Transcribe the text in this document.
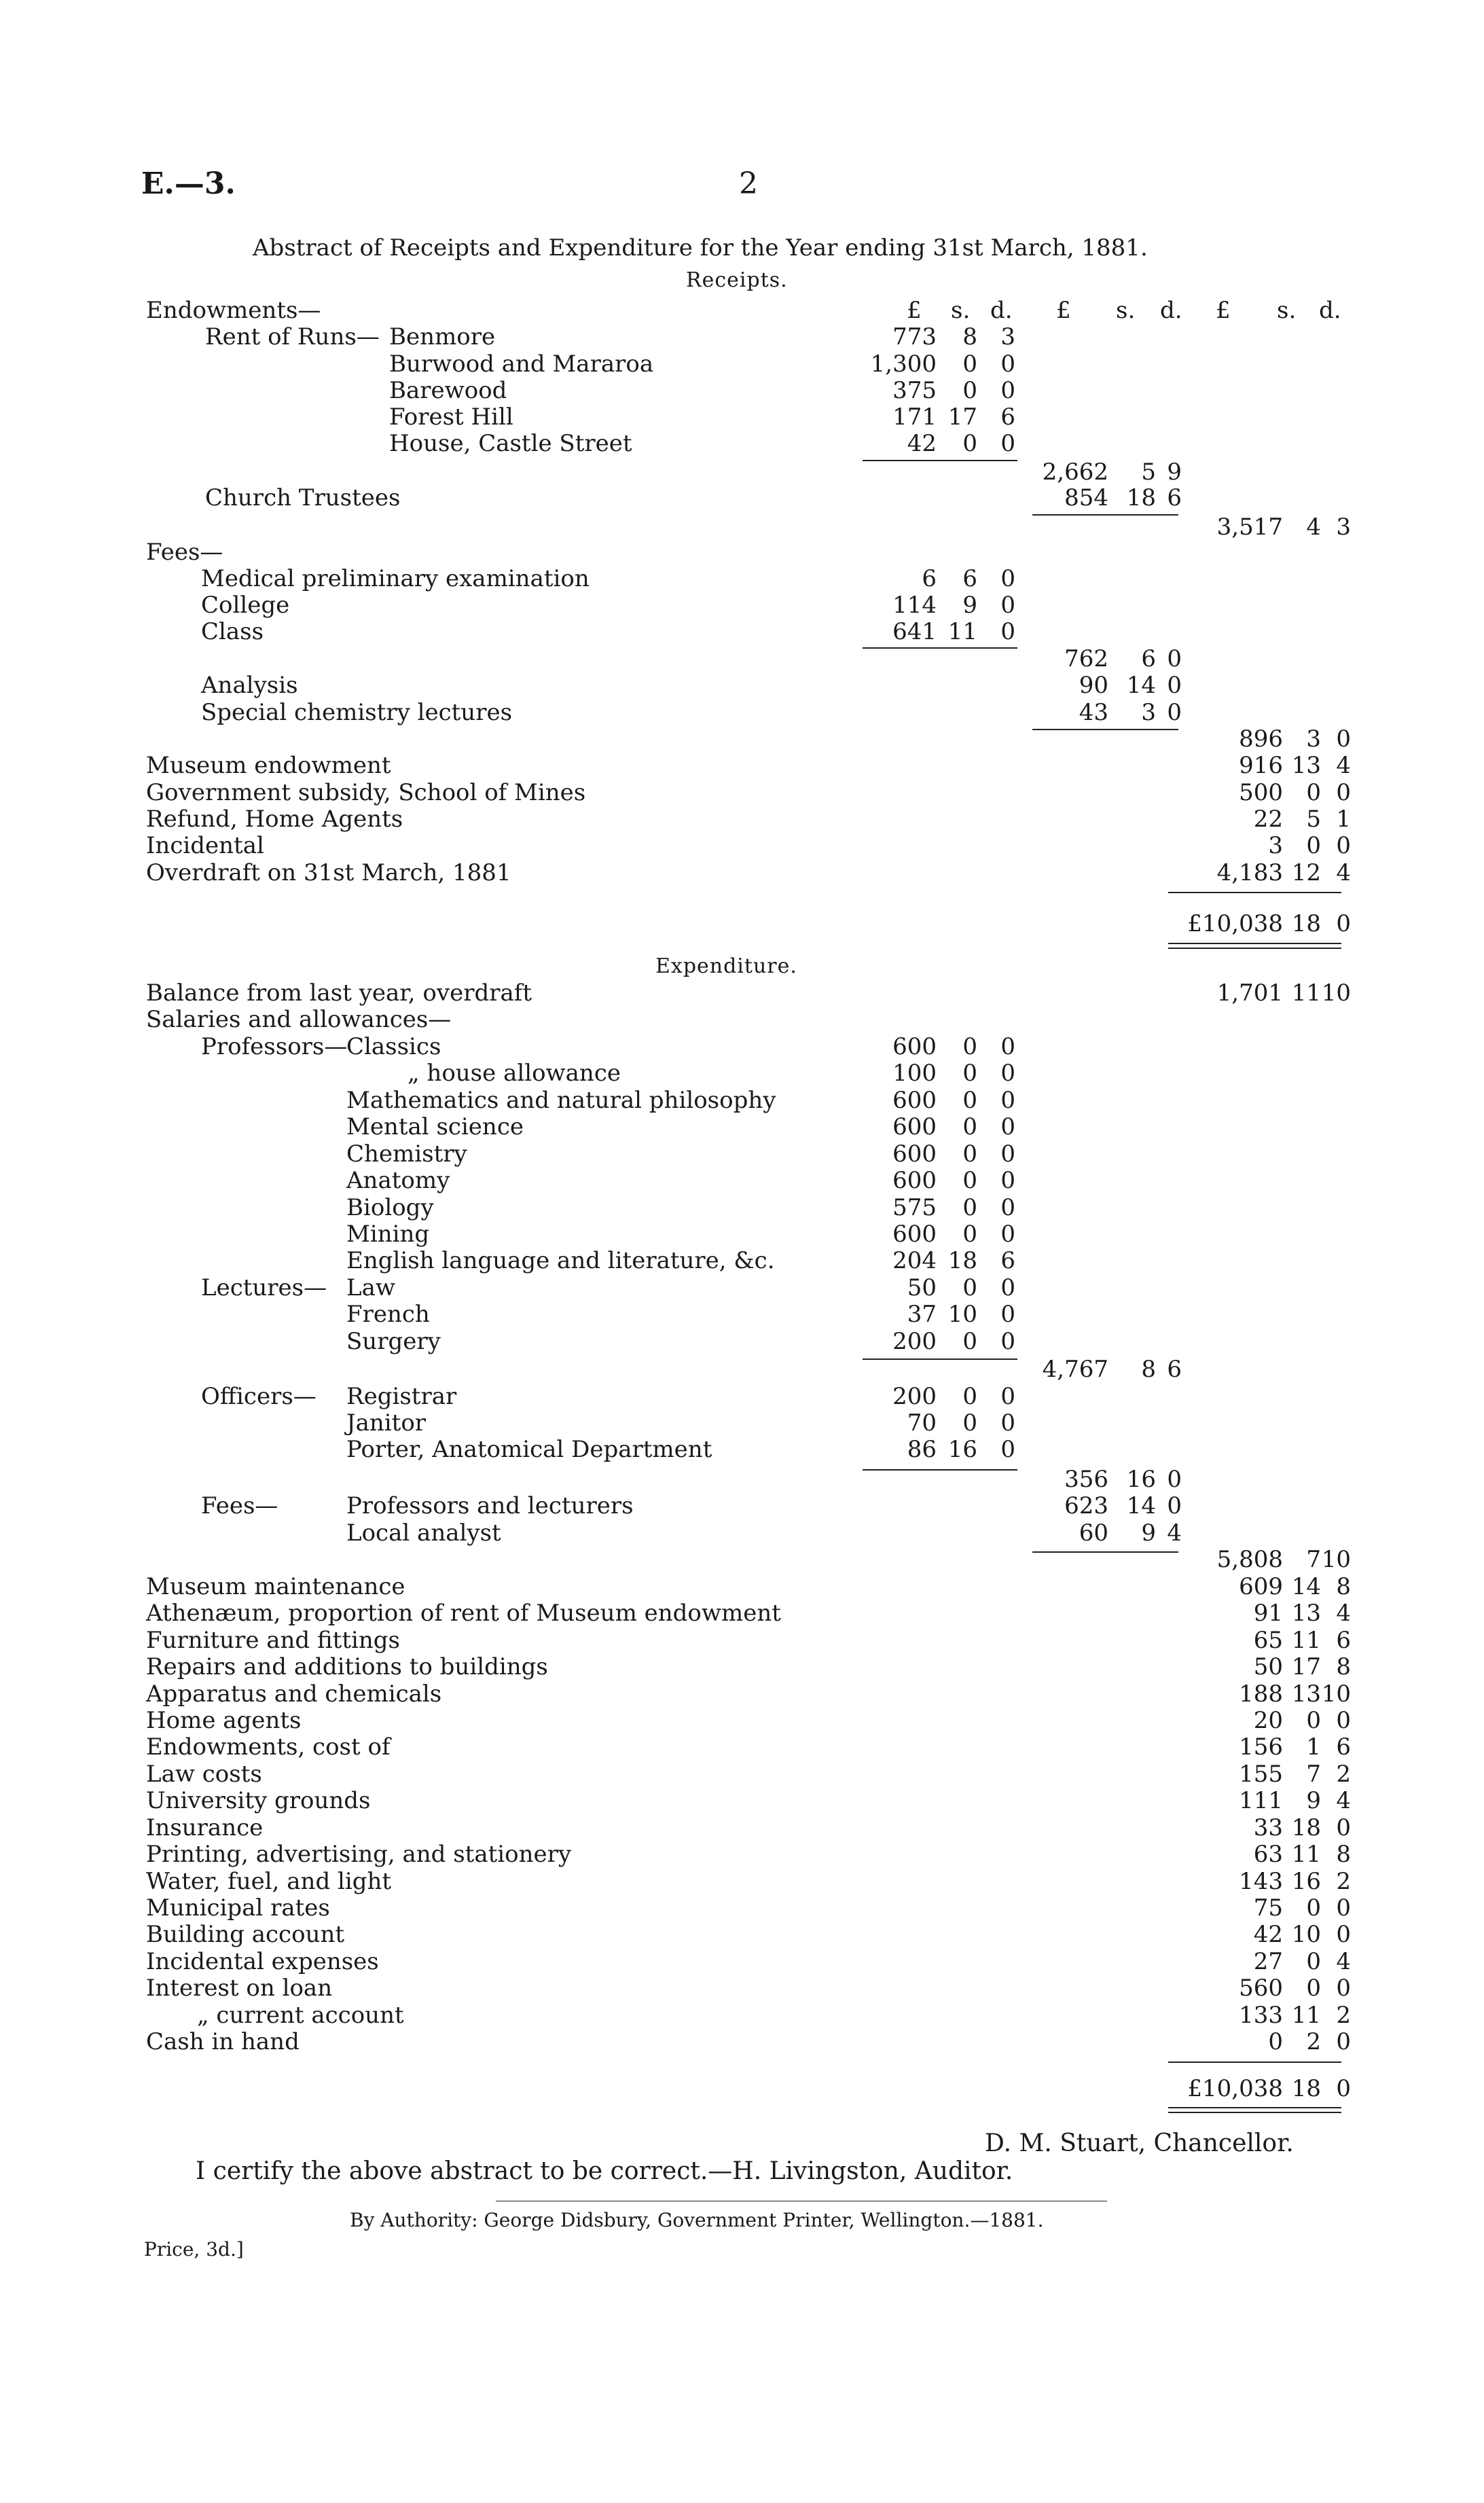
E.—3.	2
Abstract of Receipts and Expenditure for the Year ending 31st March, 1881.
Receipts.
£ s. d. £ s. d. £ s. d.
Endowments—
Rent of Runs— Benmore	773 8 3
Burwood and Mararoa	1,300 0 0
Barewood	375 0 0
Forest Hill	171 17 6
House, Castle Street	42 0 0
2,662 5 9
Church Trustees	854 18 6
3,517 4 3
Fees—
Medical preliminary examination	6 6 0
College	114 9 0
Class	641 11 0
762 6 0
Analysis	90 14 0
Special chemistry lectures	43 3 0
896 3 0
Museum endowment	916 13 4
Government subsidy, School of Mines	500 0 0
Refund, Home Agents	22 5 1
Incidental	3 0 0
Overdraft on 31st March, 1881	4,183 12 4
£10,038 18 0
Expenditure.
Balance from last year, overdraft	1,701 11 10
Salaries and allowances—
Professors—
Classics	600 0 0
„ house allowance	100 0 0
Mathematics and natural philosophy	600 0 0
Mental science	600 0 0
Chemistry	600 0 0
Anatomy	600 0 0
Biology	575 0 0
Mining	600 0 0
English language and literature, &c.	204 18 6
Lectures— Law	50 0 0
French	37 10 0
Surgery	200 0 0
4,767 8 6
Officers— Registrar	200 0 0
Janitor	70 0 0
Porter, Anatomical Department	86 16 0
356 16 0
Fees—	Professors and lecturers	623 14 0
Local analyst	60 9 4
5,808 7 10
Museum maintenance	609 14 8
Athenæum, proportion of rent of Museum endowment	91 13 4
Furniture and fittings	65 11 6
Repairs and additions to buildings	50 17 8
Apparatus and chemicals	188 13 10
Home agents	20 0 0
Endowments, cost of	156 1 6
Law costs	155 7 2
University grounds	111 9 4
Insurance	33 18 0
Printing, advertising, and stationery	63 11 8
Water, fuel, and light	143 16 2
Municipal rates	75 0 0
Building account	42 10 0
Incidental expenses	27 0 4
Interest on loan	560 0 0
„ current account	133 11 2
Cash in hand	0 2 0
£10,038 18 0
D. M. Stuart, Chancellor.
I certify the above abstract to be correct.—H. Livingston, Auditor.
By Authority: George Didsbury, Government Printer, Wellington.—1881.
Price, 3d.]
